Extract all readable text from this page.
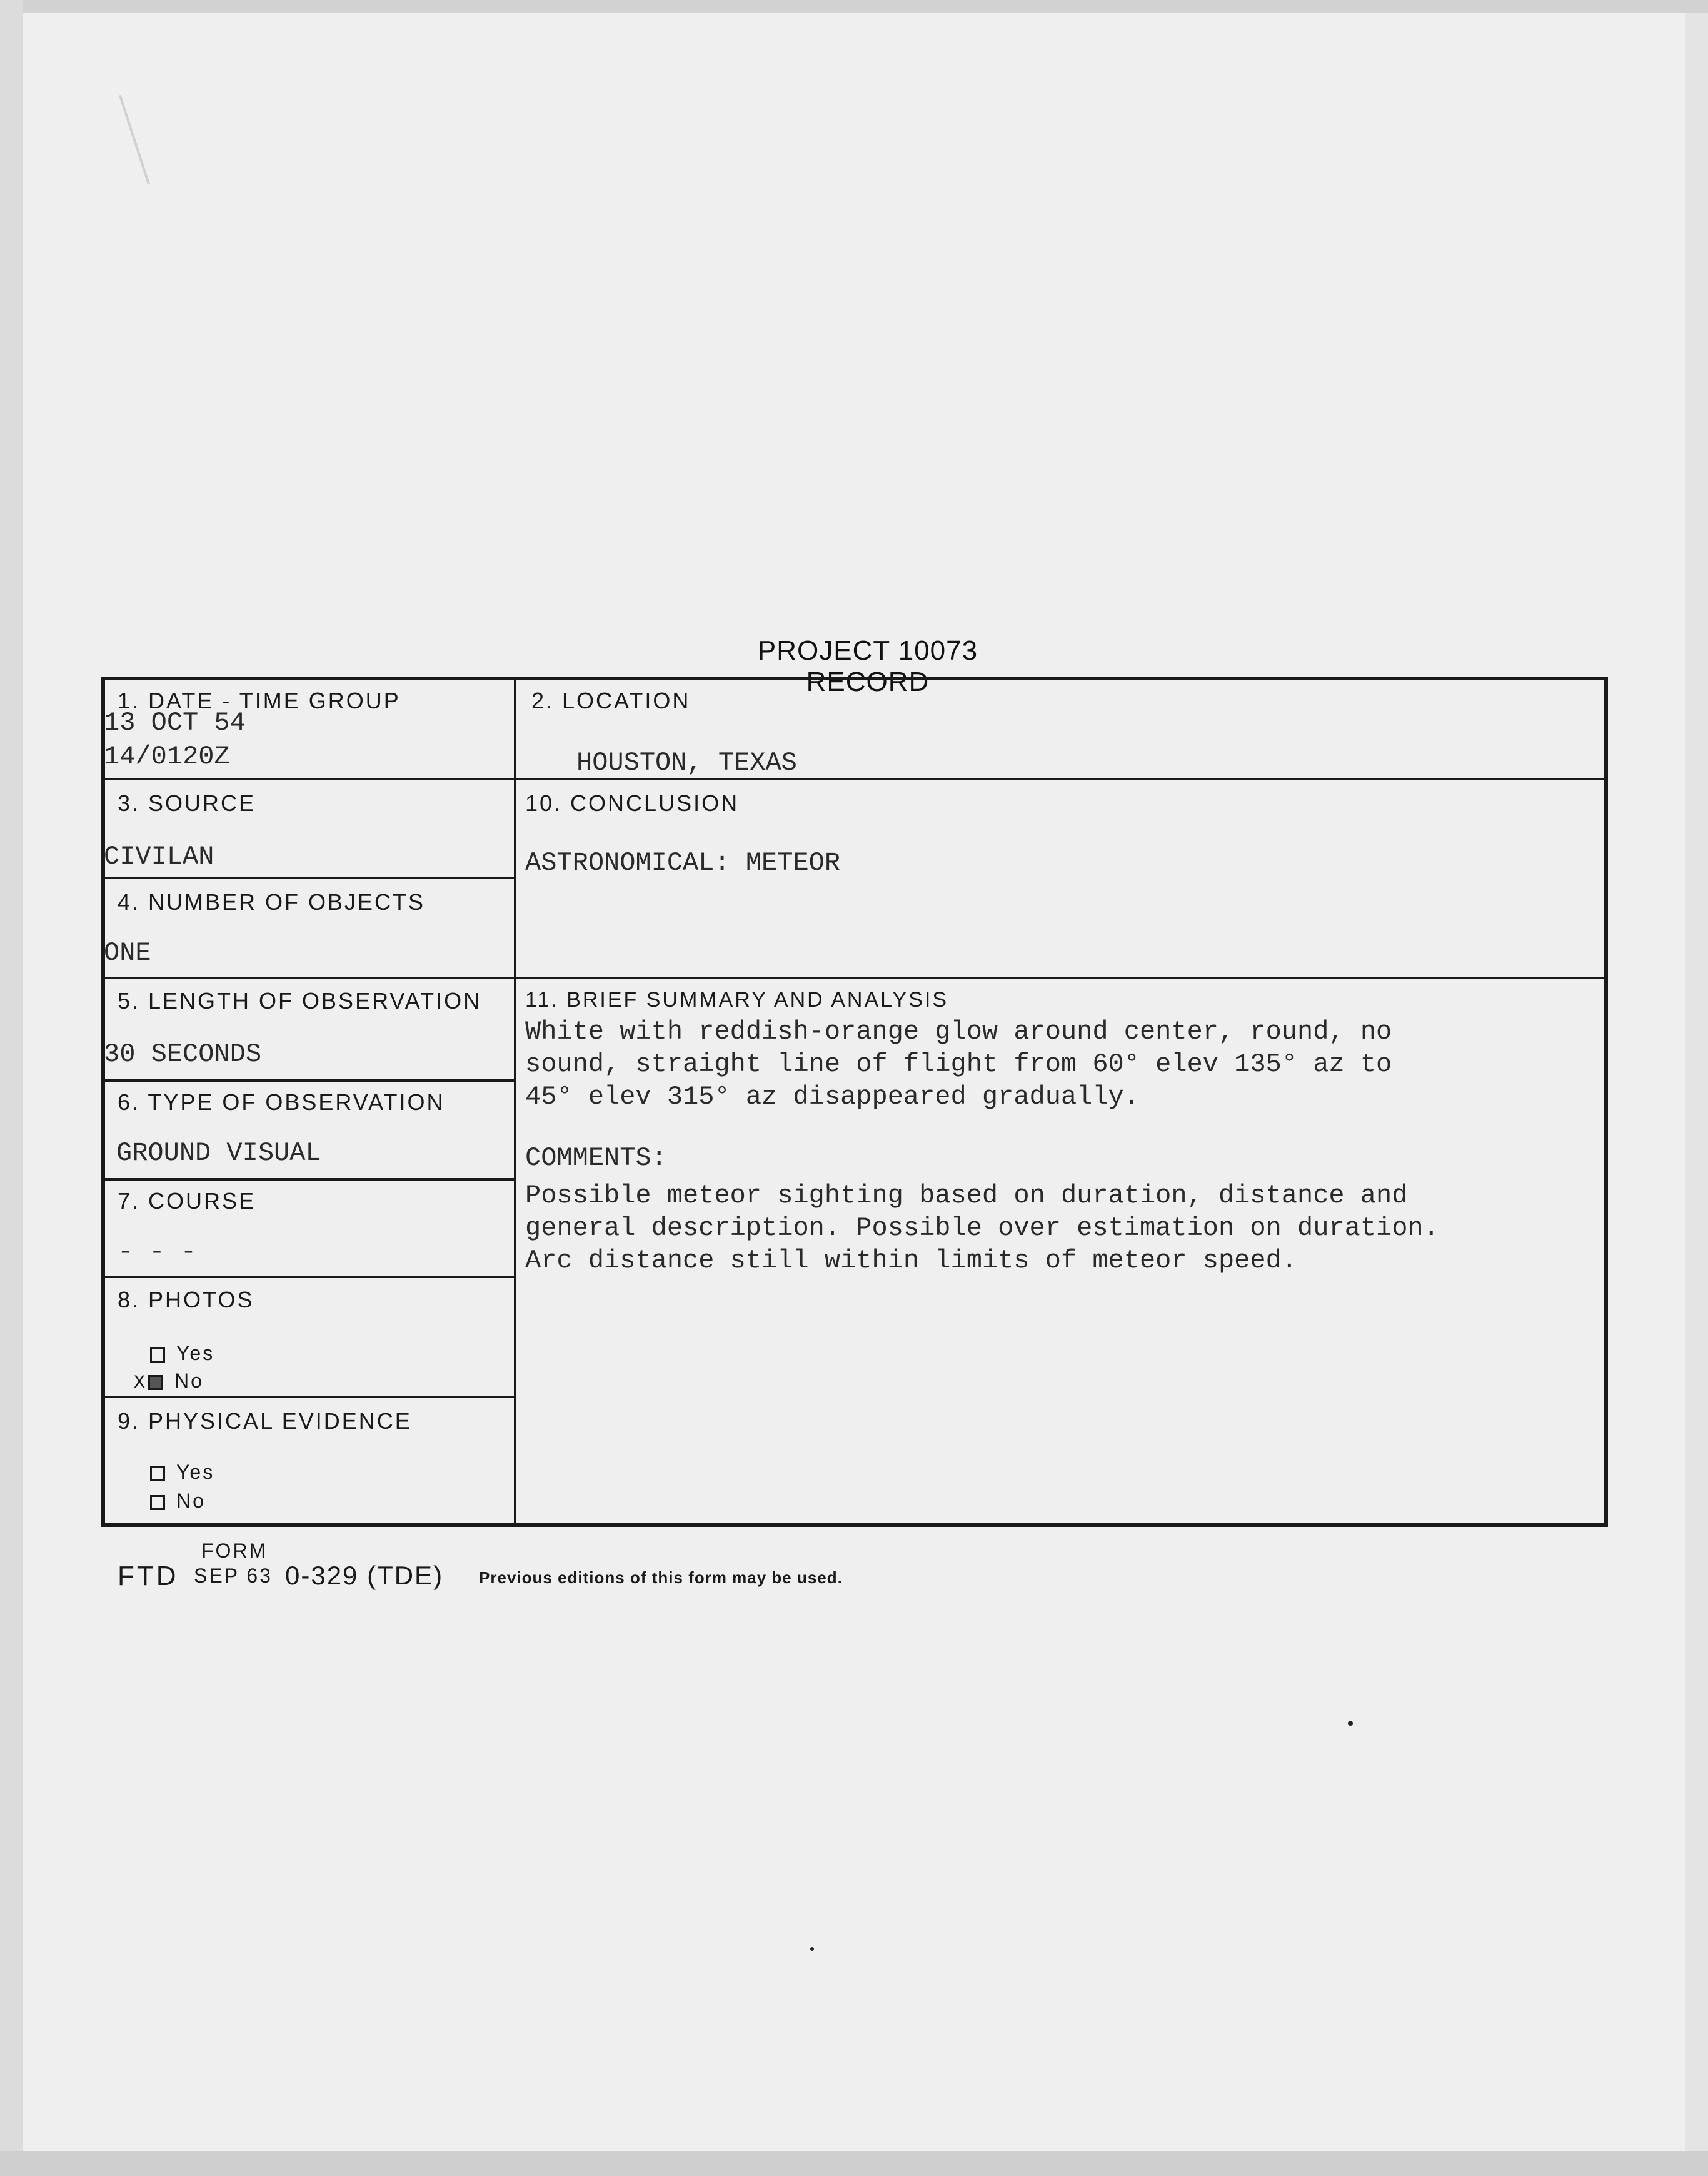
PROJECT 10073 RECORD
1. DATE - TIME GROUP
13 OCT 54
14/0120Z
2. LOCATION
HOUSTON, TEXAS
3. SOURCE
CIVILAN
10. CONCLUSION
ASTRONOMICAL: METEOR
4. NUMBER OF OBJECTS
ONE
5. LENGTH OF OBSERVATION
30 SECONDS
11. BRIEF SUMMARY AND ANALYSIS
White with reddish-orange glow around center, round, no
sound, straight line of flight from 60° elev 135° az to
45° elev 315° az disappeared gradually.
COMMENTS:
Possible meteor sighting based on duration, distance and
general description. Possible over estimation on duration.
Arc distance still within limits of meteor speed.
6. TYPE OF OBSERVATION
GROUND VISUAL
7. COURSE
- - -
8. PHOTOS
Yes
X No
9. PHYSICAL EVIDENCE
Yes
No
FORM
FTD SEP 63 0-329 (TDE) Previous editions of this form may be used.
